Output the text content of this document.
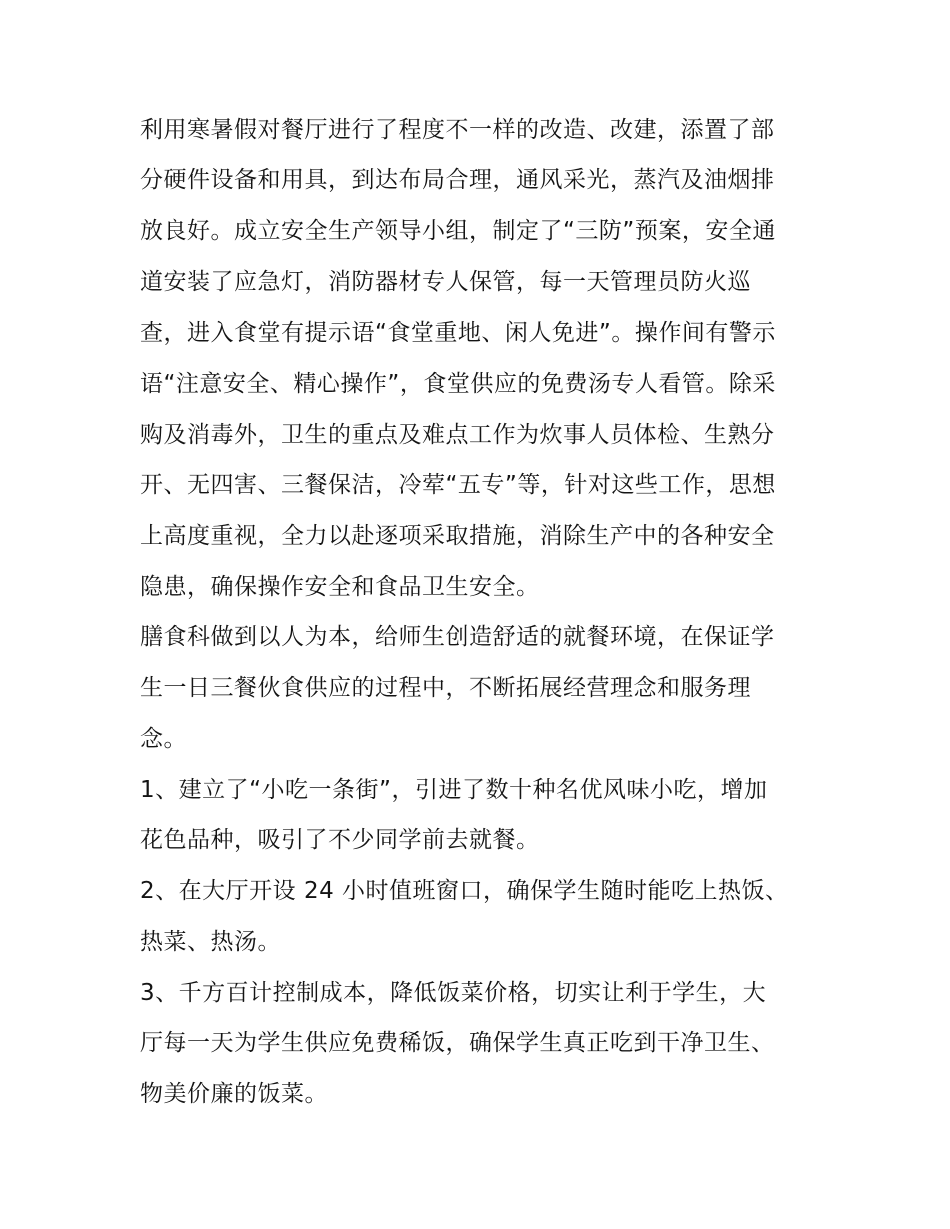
利用寒暑假对餐厅进行了程度不一样的改造、改建，添置了部

分硬件设备和用具，到达布局合理，通风采光，蒸汽及油烟排

放良好。成立安全生产领导小组，制定了“三防”预案，安全通

道安装了应急灯，消防器材专人保管，每一天管理员防火巡

查，进入食堂有提示语“食堂重地、闲人免进”。操作间有警示

语“注意安全、精心操作”，食堂供应的免费汤专人看管。除采

购及消毒外，卫生的重点及难点工作为炊事人员体检、生熟分

开、无四害、三餐保洁，冷荤“五专”等，针对这些工作，思想

上高度重视，全力以赴逐项采取措施，消除生产中的各种安全

隐患，确保操作安全和食品卫生安全。

膳食科做到以人为本，给师生创造舒适的就餐环境，在保证学

生一日三餐伙食供应的过程中，不断拓展经营理念和服务理

念。

1、建立了“小吃一条街”，引进了数十种名优风味小吃，增加

花色品种，吸引了不少同学前去就餐。

2、在大厅开设 24 小时值班窗口，确保学生随时能吃上热饭、

热菜、热汤。

3、千方百计控制成本，降低饭菜价格，切实让利于学生，大

厅每一天为学生供应免费稀饭，确保学生真正吃到干净卫生、

物美价廉的饭菜。
